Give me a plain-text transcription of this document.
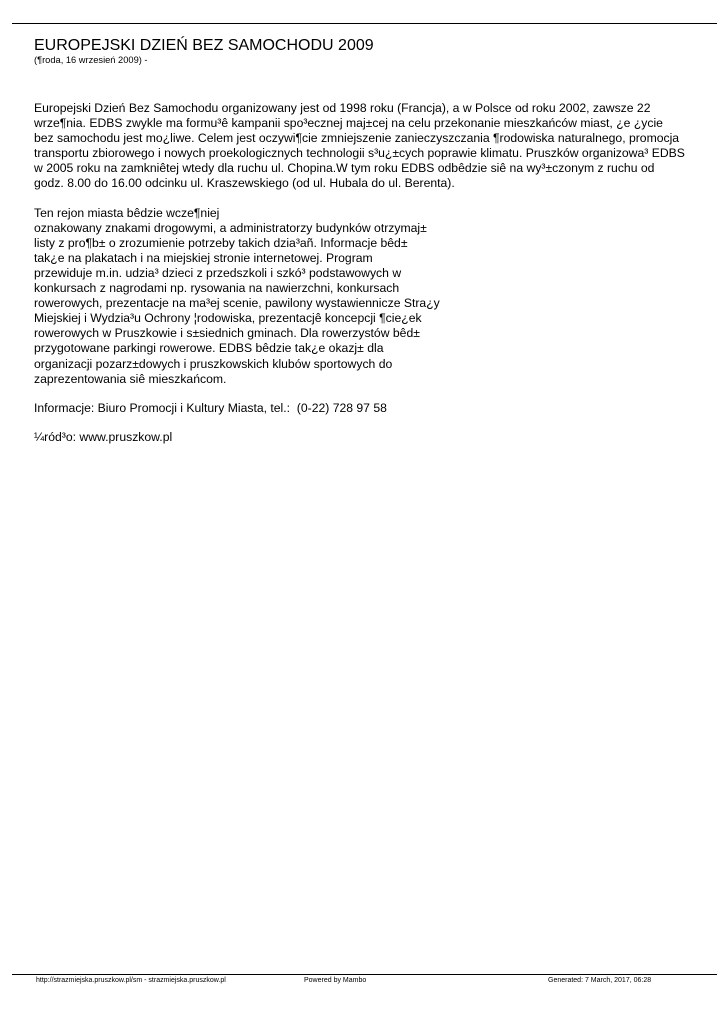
EUROPEJSKI DZIEŃ BEZ SAMOCHODU 2009
(¶roda, 16 wrzesień 2009) -

Europejski Dzień Bez Samochodu organizowany jest od 1998 roku (Francja), a w Polsce od roku 2002, zawsze 22
wrze¶nia. EDBS zwykle ma formu³ê kampanii spo³ecznej maj±cej na celu przekonanie mieszkańców miast, ¿e ¿ycie
bez samochodu jest mo¿liwe. Celem jest oczywi¶cie zmniejszenie zanieczyszczania ¶rodowiska naturalnego, promocja
transportu zbiorowego i nowych proekologicznych technologii s³u¿±cych poprawie klimatu. Pruszków organizowa³ EDBS
w 2005 roku na zamkniêtej wtedy dla ruchu ul. Chopina.W tym roku EDBS odbêdzie siê na wy³±czonym z ruchu od
godz. 8.00 do 16.00 odcinku ul. Kraszewskiego (od ul. Hubala do ul. Berenta).

Ten rejon miasta bêdzie wcze¶niej
oznakowany znakami drogowymi, a administratorzy budynków otrzymaj±
listy z pro¶b± o zrozumienie potrzeby takich dzia³añ. Informacje bêd±
tak¿e na plakatach i na miejskiej stronie internetowej. Program
przewiduje m.in. udzia³ dzieci z przedszkoli i szkó³ podstawowych w
konkursach z nagrodami np. rysowania na nawierzchni, konkursach
rowerowych, prezentacje na ma³ej scenie, pawilony wystawiennicze Stra¿y
Miejskiej i Wydzia³u Ochrony ¦rodowiska, prezentacjê koncepcji ¶cie¿ek
rowerowych w Pruszkowie i s±siednich gminach. Dla rowerzystów bêd±
przygotowane parkingi rowerowe. EDBS bêdzie tak¿e okazj± dla
organizacji pozarz±dowych i pruszkowskich klubów sportowych do
zaprezentowania siê mieszkańcom.

Informacje: Biuro Promocji i Kultury Miasta, tel.:  (0-22) 728 97 58

¼ród³o: www.pruszkow.pl

http://strazmiejska.pruszkow.pl/sm - strazmiejska.pruszkow.pl	Powered by Mambo	Generated: 7 March, 2017, 06:28
